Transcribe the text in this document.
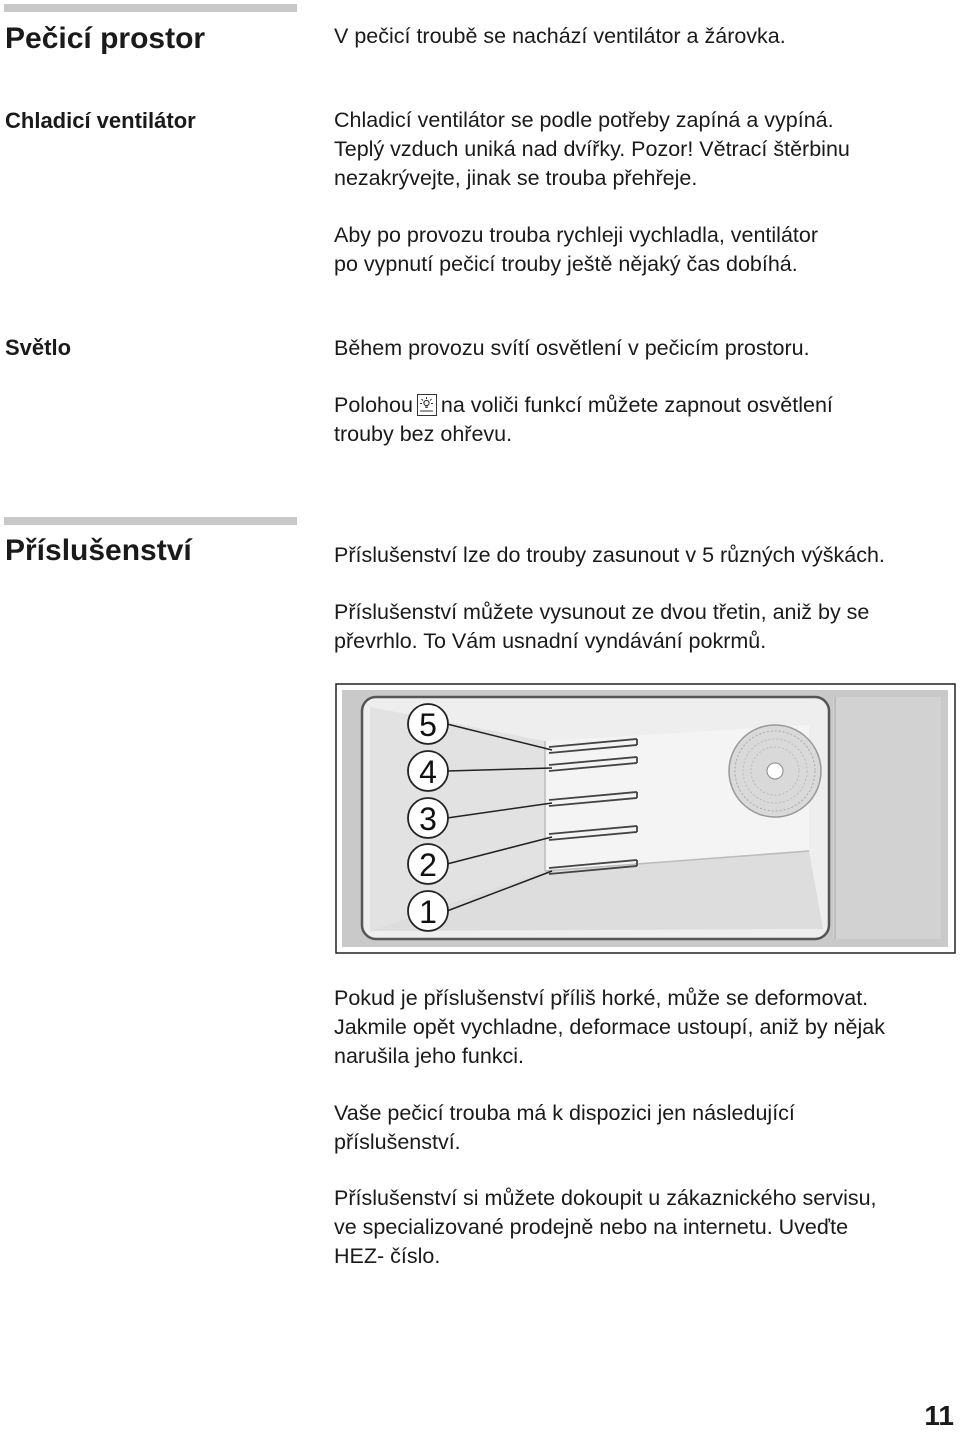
Pečicí prostor	V pečicí troubě se nachází ventilátor a žárovka.

Chladicí ventilátor	Chladicí ventilátor se podle potřeby zapíná a vypíná.
Teplý vzduch uniká nad dvířky. Pozor! Větrací štěrbinu
nezakrývejte, jinak se trouba přehřeje.

Aby po provozu trouba rychleji vychladla, ventilátor
po vypnutí pečicí trouby ještě nějaký čas dobíhá.

Světlo	Během provozu svítí osvětlení v pečicím prostoru.

Polohou na voliči funkcí můžete zapnout osvětlení
trouby bez ohřevu.

Příslušenství	Příslušenství lze do trouby zasunout v 5 různých výškách.

Příslušenství můžete vysunout ze dvou třetin, aniž by se
převrhlo. To Vám usnadní vyndávání pokrmů.

5
4
3
2
1

Pokud je příslušenství příliš horké, může se deformovat.
Jakmile opět vychladne, deformace ustoupí, aniž by nějak
narušila jeho funkci.

Vaše pečicí trouba má k dispozici jen následující
příslušenství.

Příslušenství si můžete dokoupit u zákaznického servisu,
ve specializované prodejně nebo na internetu. Uveďte
HEZ- číslo.

11
